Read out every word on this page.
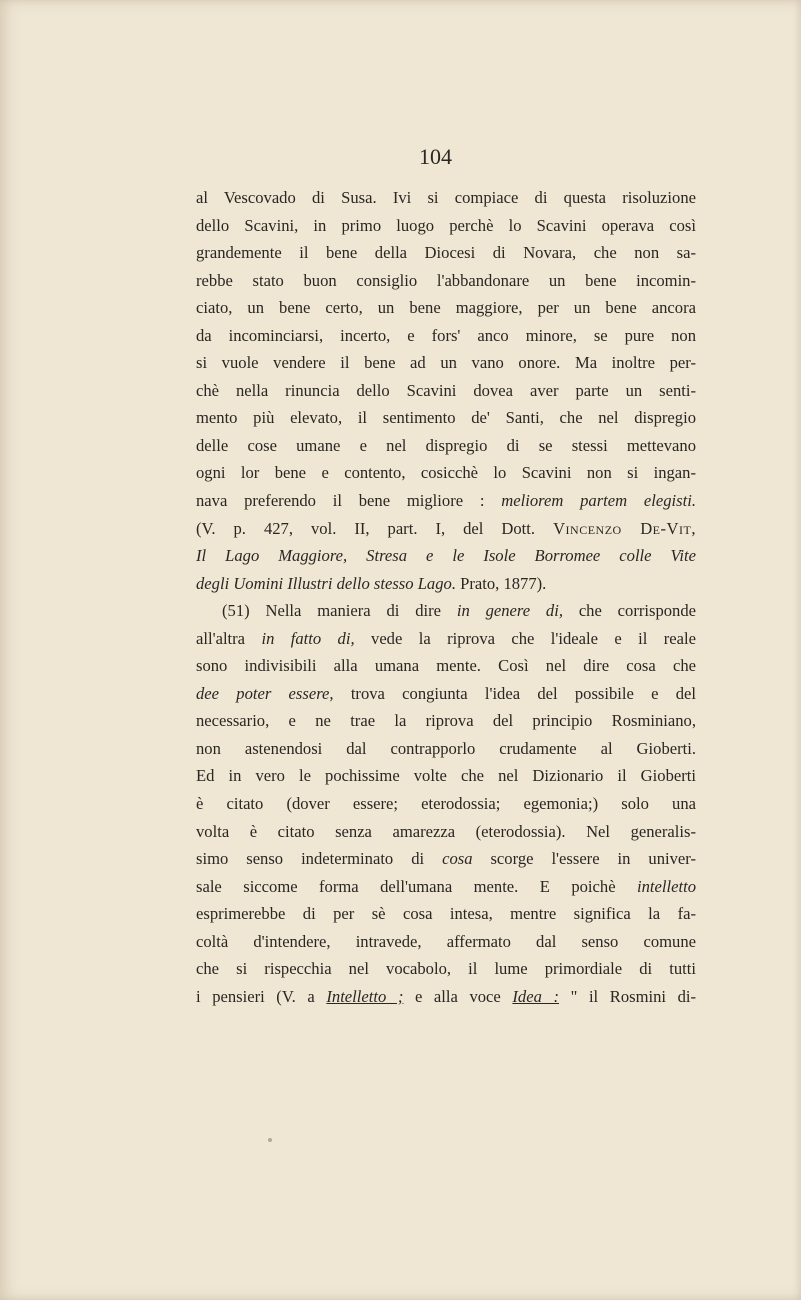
104
al Vescovado di Susa. Ivi si compiace di questa risoluzione
dello Scavini, in primo luogo perchè lo Scavini operava così
grandemente il bene della Diocesi di Novara, che non sa-
rebbe stato buon consiglio l'abbandonare un bene incomin-
ciato, un bene certo, un bene maggiore, per un bene ancora
da incominciarsi, incerto, e fors' anco minore, se pure non
si vuole vendere il bene ad un vano onore. Ma inoltre per-
chè nella rinuncia dello Scavini dovea aver parte un senti-
mento più elevato, il sentimento de' Santi, che nel dispregio
delle cose umane e nel dispregio di se stessi mettevano
ogni lor bene e contento, cosicchè lo Scavini non si ingan-
nava preferendo il bene migliore : meliorem partem elegisti.
(V. p. 427, vol. II, part. I, del Dott. Vincenzo De-Vit,
Il Lago Maggiore, Stresa e le Isole Borromee colle Vite
degli Uomini Illustri dello stesso Lago. Prato, 1877).
(51) Nella maniera di dire in genere di, che corrisponde
all'altra in fatto di, vede la riprova che l'ideale e il reale
sono indivisibili alla umana mente. Così nel dire cosa che
dee poter essere, trova congiunta l'idea del possibile e del
necessario, e ne trae la riprova del principio Rosminiano,
non astenendosi dal contrapporlo crudamente al Gioberti.
Ed in vero le pochissime volte che nel Dizionario il Gioberti
è citato (dover essere; eterodossia; egemonia;) solo una
volta è citato senza amarezza (eterodossia). Nel generalis-
simo senso indeterminato di cosa scorge l'essere in univer-
sale siccome forma dell'umana mente. E poichè intelletto
esprimerebbe di per sè cosa intesa, mentre significa la fa-
coltà d'intendere, intravede, affermato dal senso comune
che si rispecchia nel vocabolo, il lume primordiale di tutti
i pensieri (V. a Intelletto ; e alla voce Idea : " il Rosmini di-
